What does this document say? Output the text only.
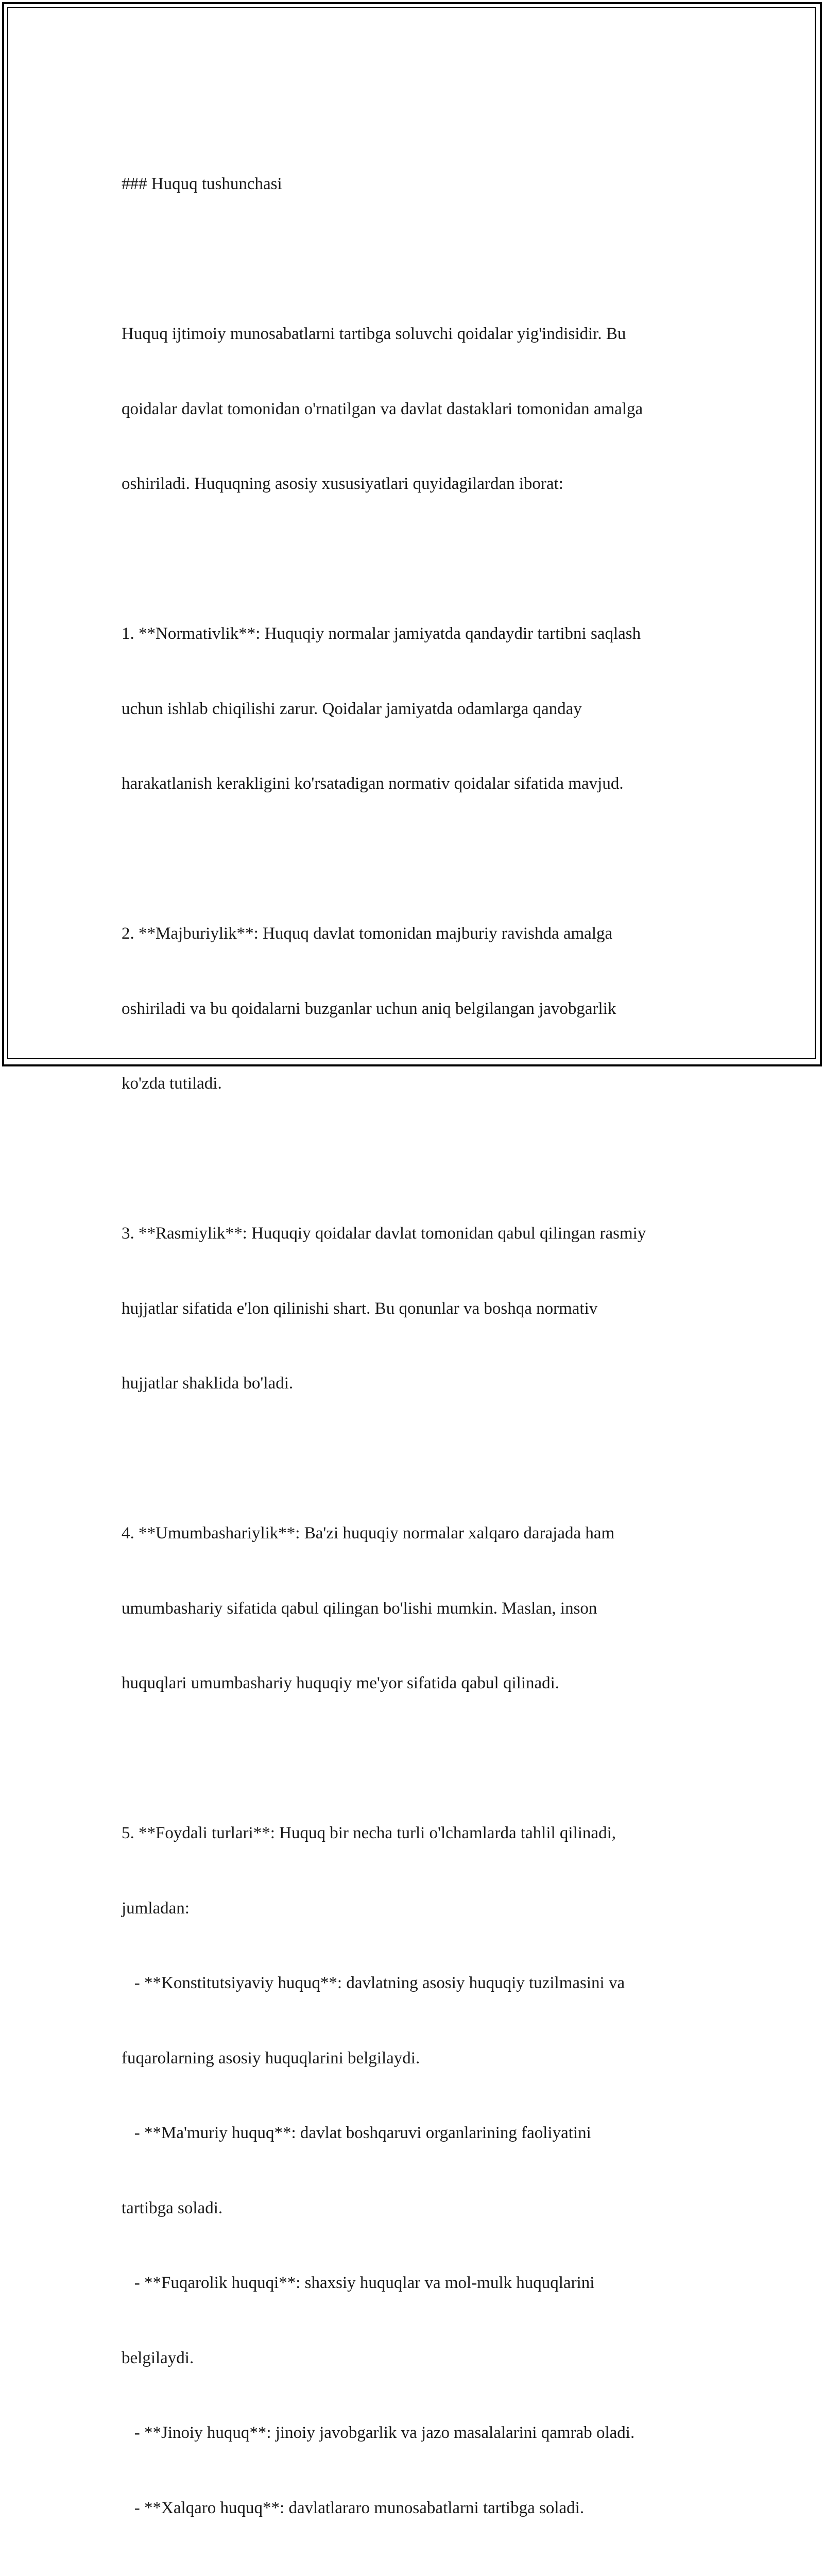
### Huquq tushunchasi

Huquq ijtimoiy munosabatlarni tartibga soluvchi qoidalar yig'indisidir. Bu

qoidalar davlat tomonidan o'rnatilgan va davlat dastaklari tomonidan amalga

oshiriladi. Huquqning asosiy xususiyatlari quyidagilardan iborat:

1. **Normativlik**: Huquqiy normalar jamiyatda qandaydir tartibni saqlash

uchun ishlab chiqilishi zarur. Qoidalar jamiyatda odamlarga qanday

harakatlanish kerakligini ko'rsatadigan normativ qoidalar sifatida mavjud.

2. **Majburiylik**: Huquq davlat tomonidan majburiy ravishda amalga

oshiriladi va bu qoidalarni buzganlar uchun aniq belgilangan javobgarlik

ko'zda tutiladi.

3. **Rasmiylik**: Huquqiy qoidalar davlat tomonidan qabul qilingan rasmiy

hujjatlar sifatida e'lon qilinishi shart. Bu qonunlar va boshqa normativ

hujjatlar shaklida bo'ladi.

4. **Umumbashariylik**: Ba'zi huquqiy normalar xalqaro darajada ham

umumbashariy sifatida qabul qilingan bo'lishi mumkin. Maslan, inson

huquqlari umumbashariy huquqiy me'yor sifatida qabul qilinadi.

5. **Foydali turlari**: Huquq bir necha turli o'lchamlarda tahlil qilinadi,

jumladan:

- **Konstitutsiyaviy huquq**: davlatning asosiy huquqiy tuzilmasini va

fuqarolarning asosiy huquqlarini belgilaydi.

- **Ma'muriy huquq**: davlat boshqaruvi organlarining faoliyatini

tartibga soladi.

- **Fuqarolik huquqi**: shaxsiy huquqlar va mol-mulk huquqlarini

belgilaydi.

- **Jinoiy huquq**: jinoiy javobgarlik va jazo masalalarini qamrab oladi.

- **Xalqaro huquq**: davlatlararo munosabatlarni tartibga soladi.
